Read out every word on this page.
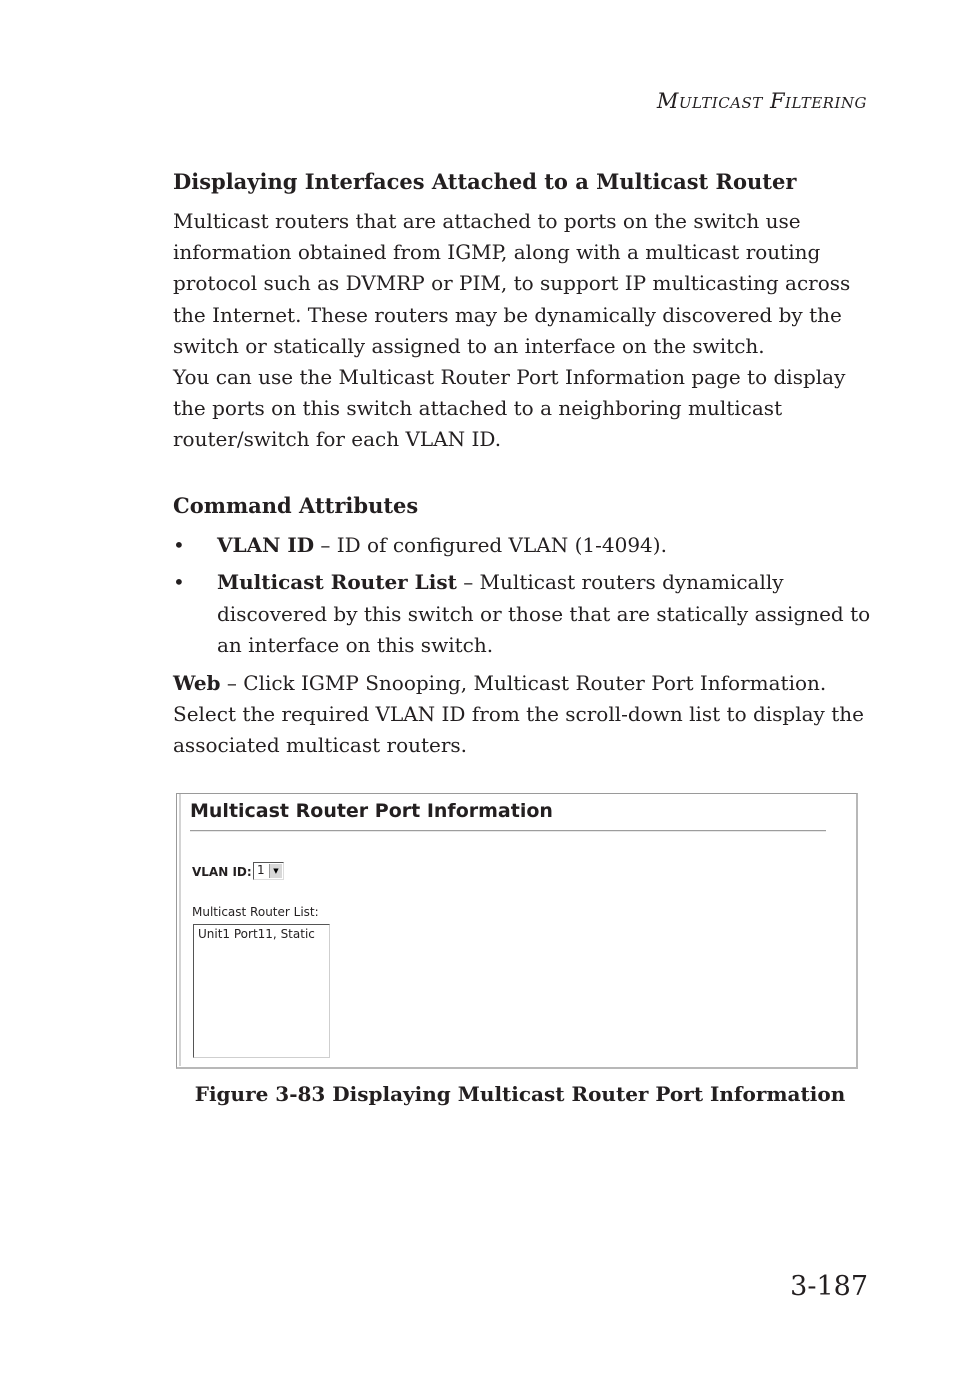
Multicast Filtering
Displaying Interfaces Attached to a Multicast Router

Multicast routers that are attached to ports on the switch use information obtained from IGMP, along with a multicast routing protocol such as DVMRP or PIM, to support IP multicasting across the Internet. These routers may be dynamically discovered by the switch or statically assigned to an interface on the switch.

You can use the Multicast Router Port Information page to display the ports on this switch attached to a neighboring multicast router/switch for each VLAN ID.

Command Attributes
• VLAN ID – ID of configured VLAN (1-4094).
• Multicast Router List – Multicast routers dynamically discovered by this switch or those that are statically assigned to an interface on this switch.

Web – Click IGMP Snooping, Multicast Router Port Information. Select the required VLAN ID from the scroll-down list to display the associated multicast routers.

Multicast Router Port Information
VLAN ID: 1	▼
Multicast Router List:
Unit1 Port11, Static
Figure 3-83 Displaying Multicast Router Port Information
3-187
